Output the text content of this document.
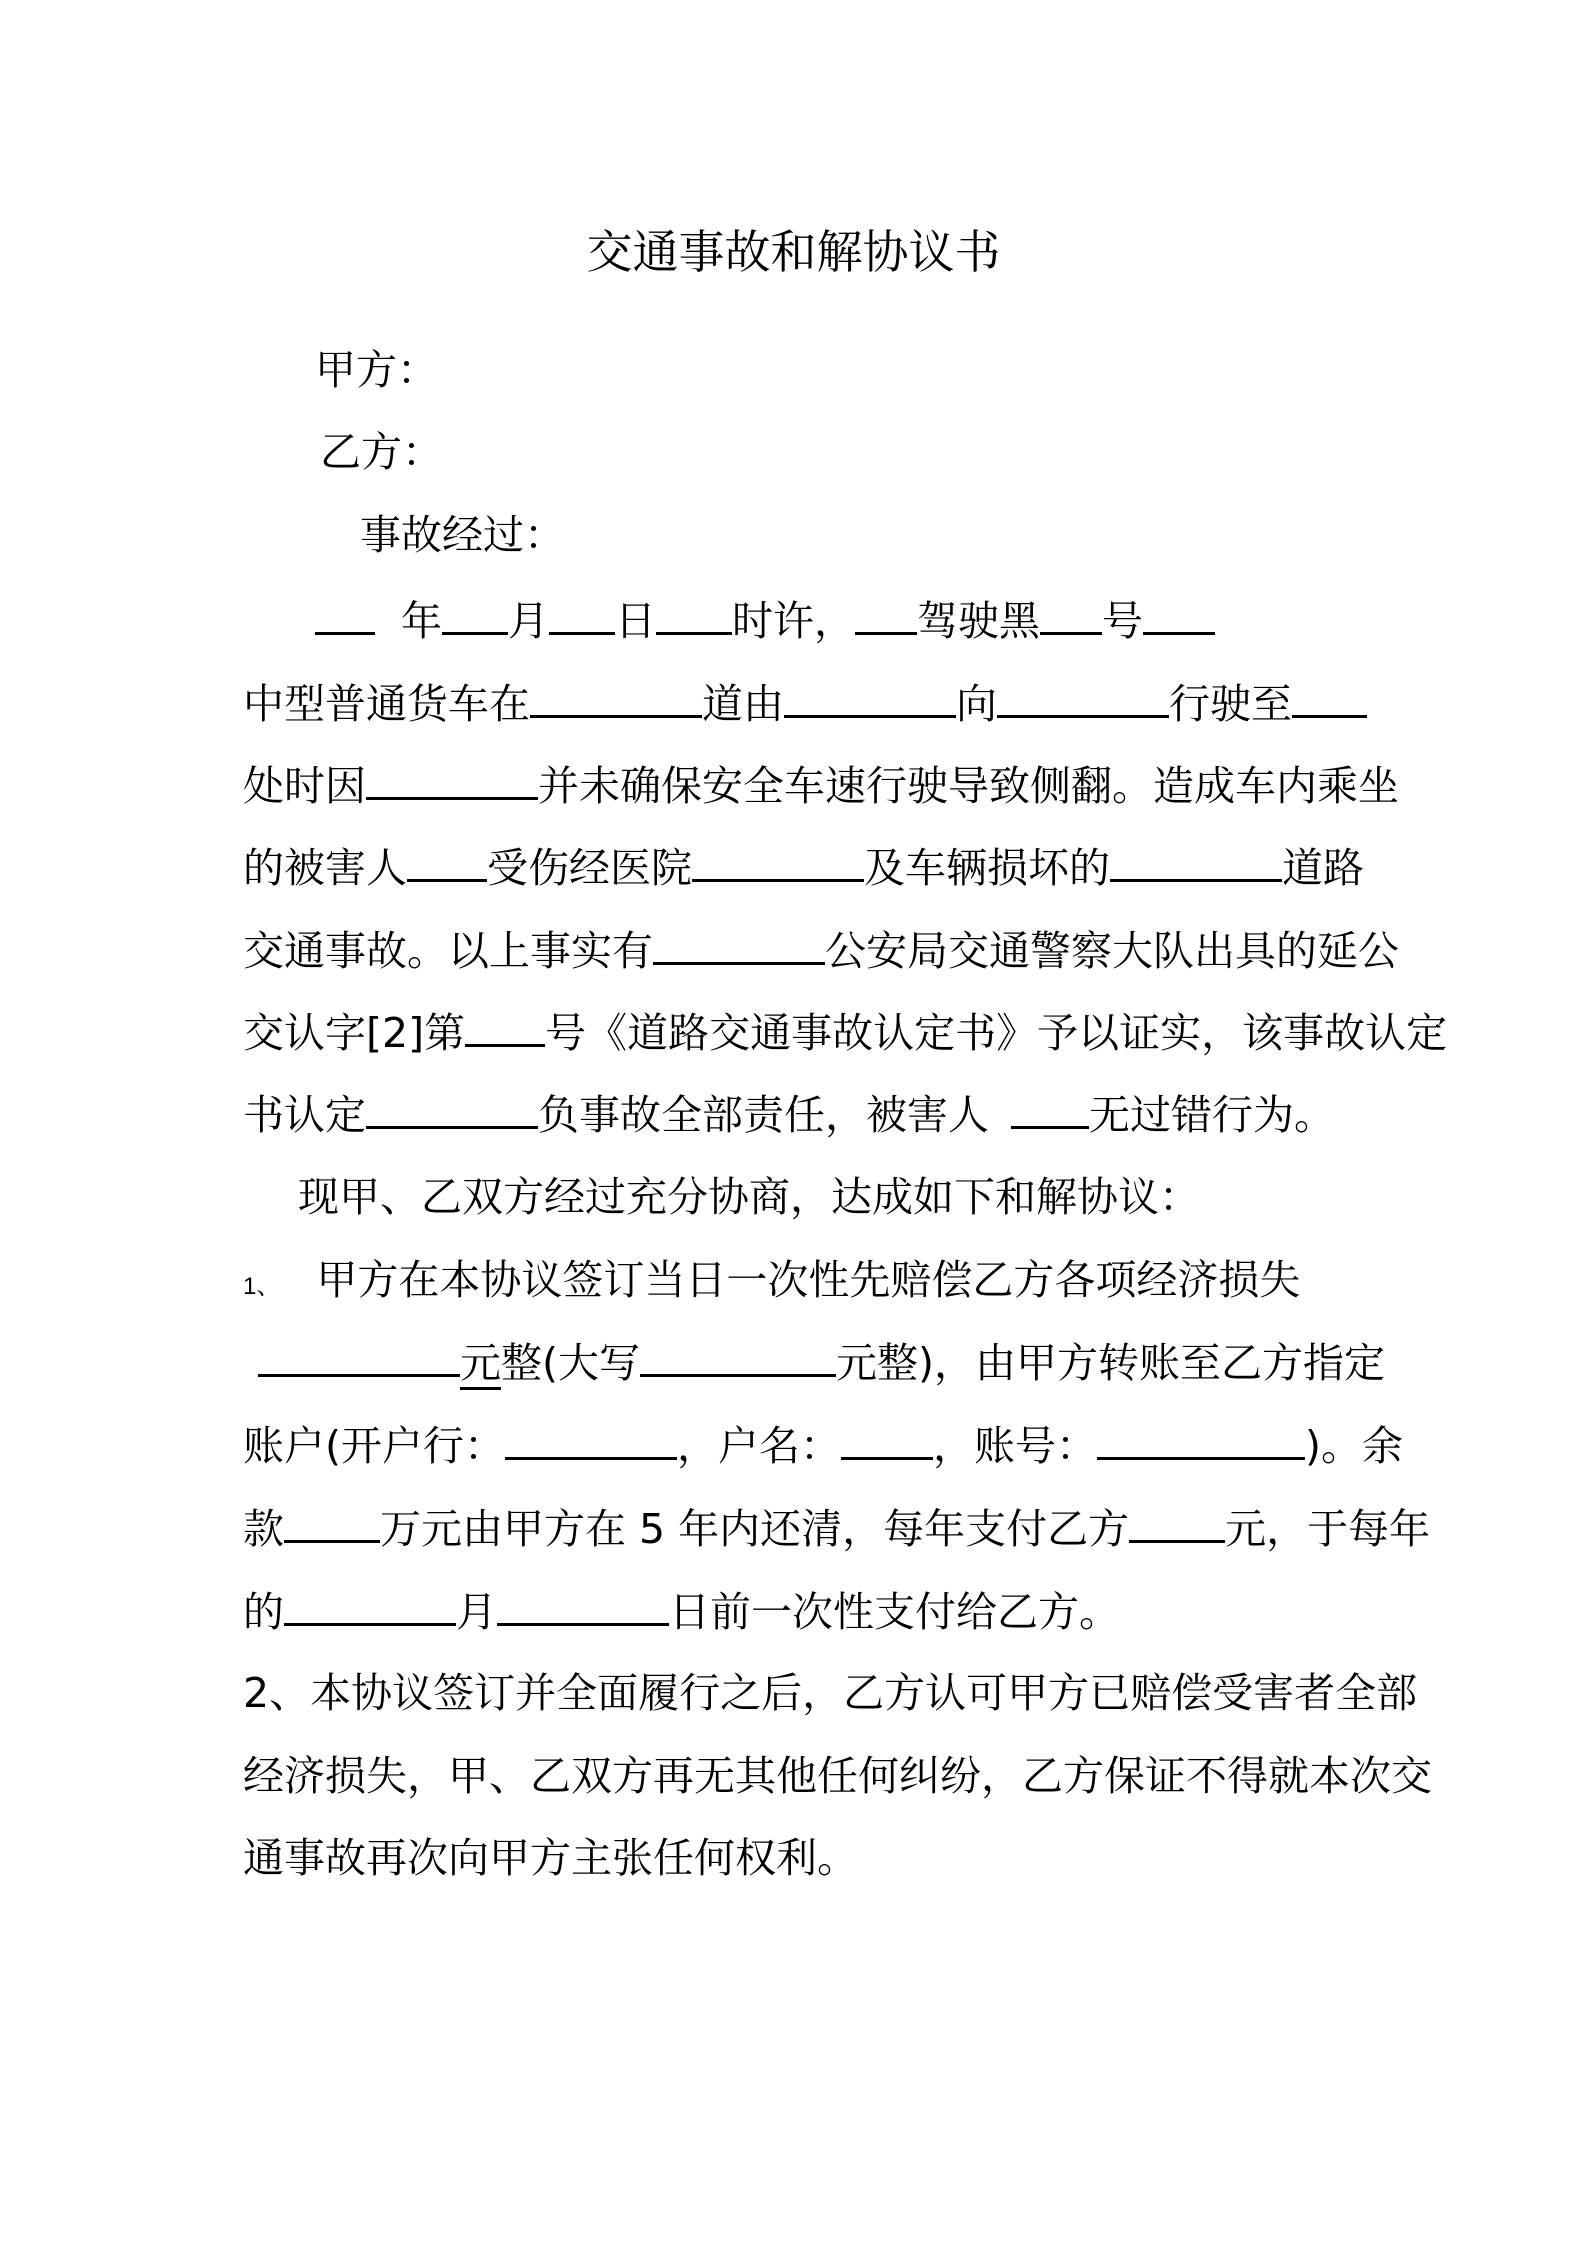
交通事故和解协议书
甲方：
乙方：
事故经过：
年 月 日 时许， 驾驶黑 号
中型普通货车在	道由	向	行驶至
处时因	并未确保安全车速行驶导致侧翻。造成车内乘坐
的被害人 受伤经医院	及车辆损坏的	道路
交通事故。以上事实有	公安局交通警察大队出具的延公
交认字[2]第 号《道路交通事故认定书》予以证实，该事故认定
书认定	负事故全部责任，被害人 无过错行为。
现甲、乙双方经过充分协商，达成如下和解协议：
1、 甲方在本协议签订当日一次性先赔偿乙方各项经济损失
元整(大写	元整)，由甲方转账至乙方指定
账户(开户行：	，户名： ，账号：	)。余
款 万元由甲方在 5 年内还清，每年支付乙方 元，于每年
的	月	日前一次性支付给乙方。
2、本协议签订并全面履行之后，乙方认可甲方已赔偿受害者全部
经济损失，甲、乙双方再无其他任何纠纷，乙方保证不得就本次交
通事故再次向甲方主张任何权利。
